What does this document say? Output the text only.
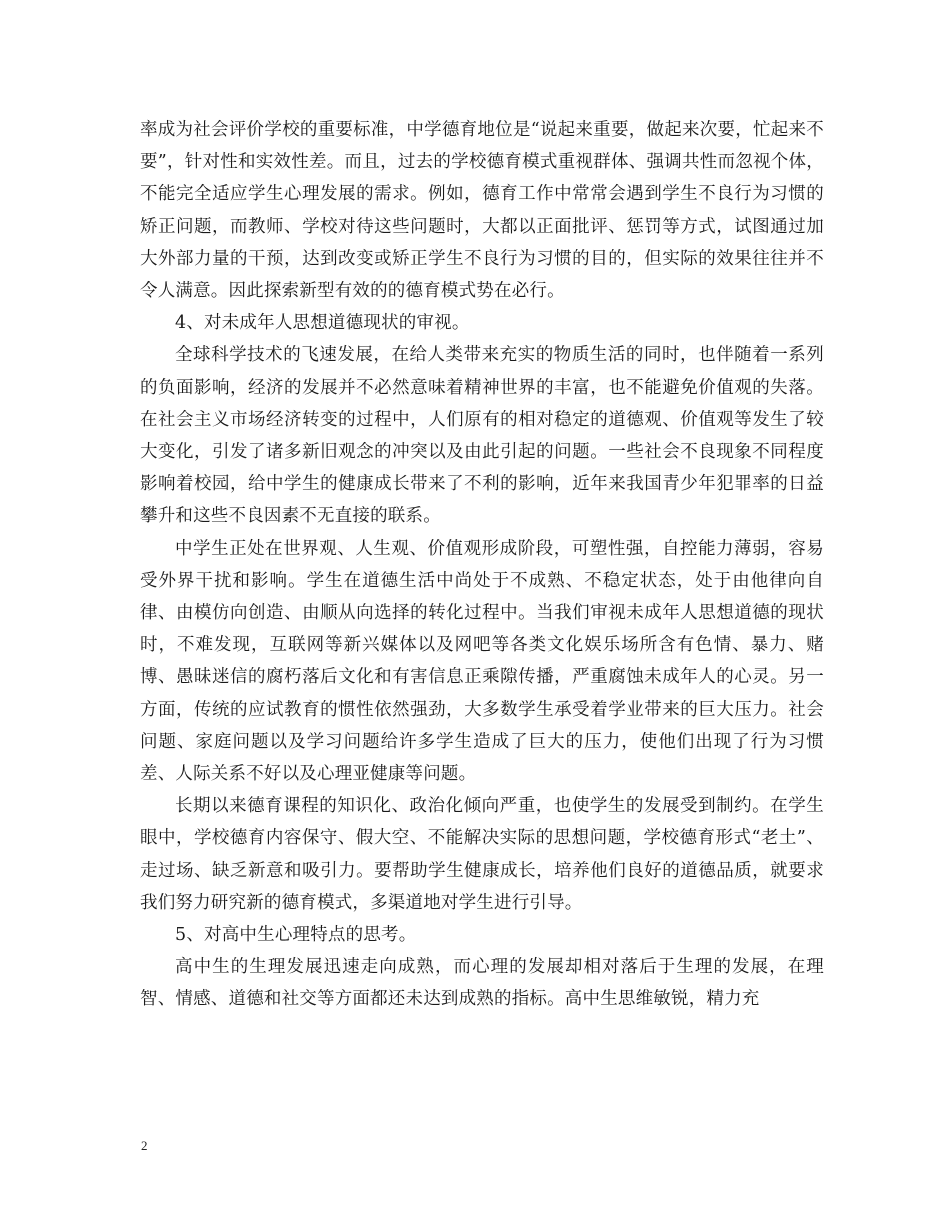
率成为社会评价学校的重要标准，中学德育地位是“说起来重要，做起来次要，忙起来不要”，针对性和实效性差。而且，过去的学校德育模式重视群体、强调共性而忽视个体，不能完全适应学生心理发展的需求。例如，德育工作中常常会遇到学生不良行为习惯的矫正问题，而教师、学校对待这些问题时，大都以正面批评、惩罚等方式，试图通过加大外部力量的干预，达到改变或矫正学生不良行为习惯的目的，但实际的效果往往并不令人满意。因此探索新型有效的的德育模式势在必行。

4、对未成年人思想道德现状的审视。

全球科学技术的飞速发展，在给人类带来充实的物质生活的同时，也伴随着一系列的负面影响，经济的发展并不必然意味着精神世界的丰富，也不能避免价值观的失落。在社会主义市场经济转变的过程中，人们原有的相对稳定的道德观、价值观等发生了较大变化，引发了诸多新旧观念的冲突以及由此引起的问题。一些社会不良现象不同程度影响着校园，给中学生的健康成长带来了不利的影响，近年来我国青少年犯罪率的日益攀升和这些不良因素不无直接的联系。

中学生正处在世界观、人生观、价值观形成阶段，可塑性强，自控能力薄弱，容易受外界干扰和影响。学生在道德生活中尚处于不成熟、不稳定状态，处于由他律向自律、由模仿向创造、由顺从向选择的转化过程中。当我们审视未成年人思想道德的现状时，不难发现，互联网等新兴媒体以及网吧等各类文化娱乐场所含有色情、暴力、赌博、愚昧迷信的腐朽落后文化和有害信息正乘隙传播，严重腐蚀未成年人的心灵。另一方面，传统的应试教育的惯性依然强劲，大多数学生承受着学业带来的巨大压力。社会问题、家庭问题以及学习问题给许多学生造成了巨大的压力，使他们出现了行为习惯差、人际关系不好以及心理亚健康等问题。

长期以来德育课程的知识化、政治化倾向严重，也使学生的发展受到制约。在学生眼中，学校德育内容保守、假大空、不能解决实际的思想问题，学校德育形式“老土”、走过场、缺乏新意和吸引力。要帮助学生健康成长，培养他们良好的道德品质，就要求我们努力研究新的德育模式，多渠道地对学生进行引导。

5、对高中生心理特点的思考。

高中生的生理发展迅速走向成熟，而心理的发展却相对落后于生理的发展，在理智、情感、道德和社交等方面都还未达到成熟的指标。高中生思维敏锐，精力充

2
